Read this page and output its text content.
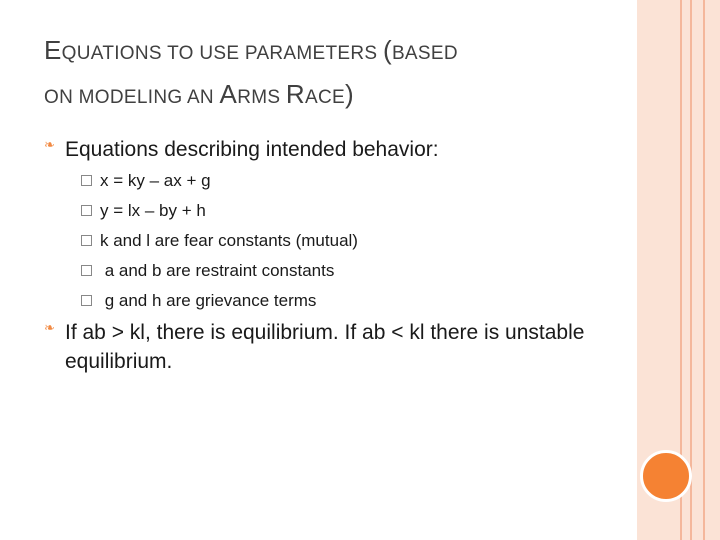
EQUATIONS TO USE PARAMETERS (BASED
ON MODELING AN ARMS RACE)
❧ Equations describing intended behavior:
x = ky – ax + g
y = lx – by + h
k and l are fear constants (mutual)
a and b are restraint constants
g and h are grievance terms
❧ If ab > kl, there is equilibrium. If ab < kl there is unstable equilibrium.
